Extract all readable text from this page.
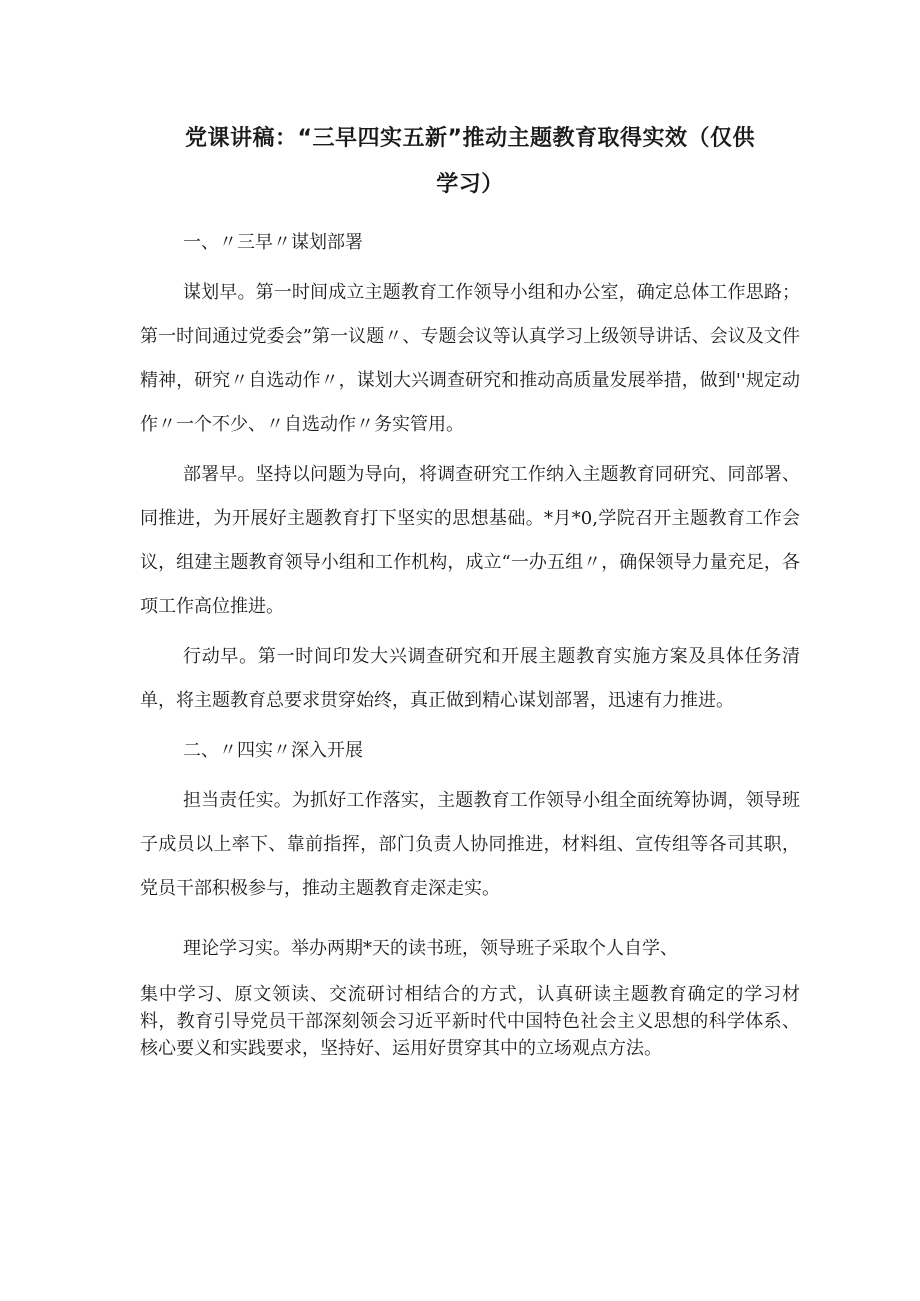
党课讲稿：“三早四实五新”推动主题教育取得实效（仅供
学习）

一、〃三早〃谋划部署

谋划早。第一时间成立主题教育工作领导小组和办公室，确定总体工作思路；第一时间通过党委会”第一议题〃、专题会议等认真学习上级领导讲话、会议及文件精神，研究〃自选动作〃，谋划大兴调查研究和推动高质量发展举措，做到''规定动作〃一个不少、〃自选动作〃务实管用。

部署早。坚持以问题为导向，将调查研究工作纳入主题教育同研究、同部署、同推进，为开展好主题教育打下坚实的思想基础。*月*0,学院召开主题教育工作会议，组建主题教育领导小组和工作机构，成立“一办五组〃，确保领导力量充足，各项工作高位推进。

行动早。第一时间印发大兴调查研究和开展主题教育实施方案及具体任务清单，将主题教育总要求贯穿始终，真正做到精心谋划部署，迅速有力推进。

二、〃四实〃深入开展

担当责任实。为抓好工作落实，主题教育工作领导小组全面统筹协调，领导班子成员以上率下、靠前指挥，部门负责人协同推进，材料组、宣传组等各司其职，党员干部积极参与，推动主题教育走深走实。

理论学习实。举办两期*天的读书班，领导班子采取个人自学、

集中学习、原文领读、交流研讨相结合的方式，认真研读主题教育确定的学习材料，教育引导党员干部深刻领会习近平新时代中国特色社会主义思想的科学体系、核心要义和实践要求，坚持好、运用好贯穿其中的立场观点方法。
